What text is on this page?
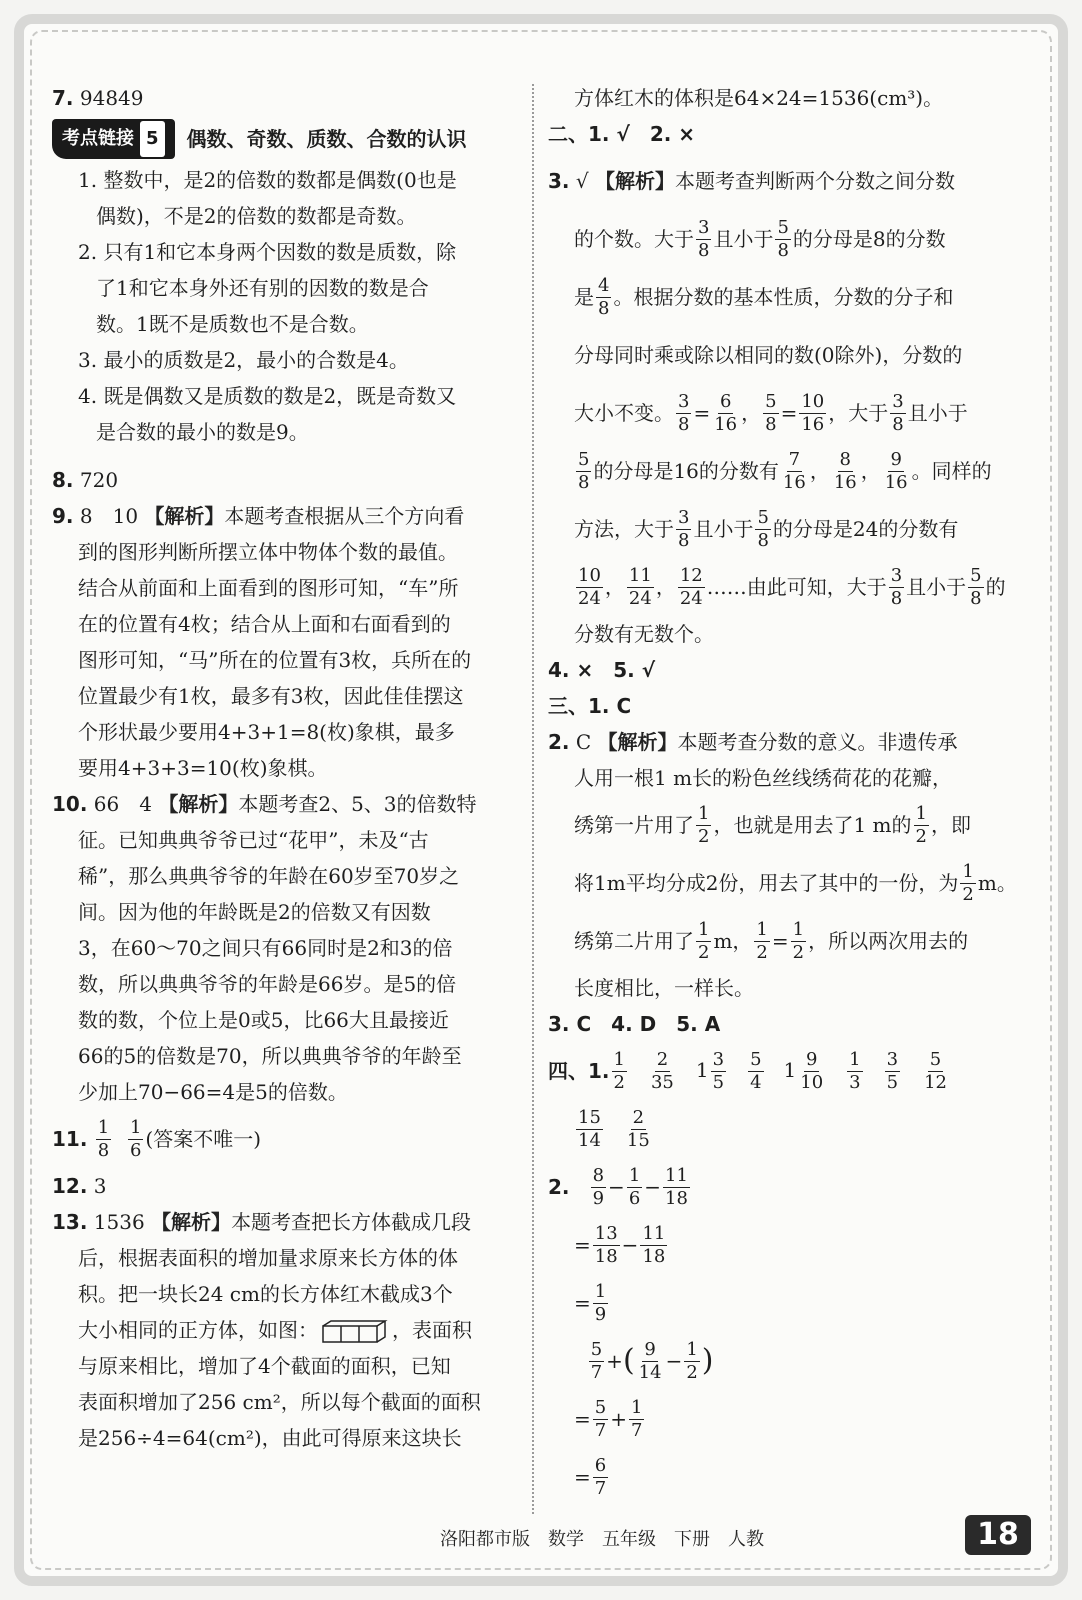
7. 94849
考点链接 5	偶数、奇数、质数、合数的认识
1. 整数中，是2的倍数的数都是偶数(0也是
偶数)，不是2的倍数的数都是奇数。
2. 只有1和它本身两个因数的数是质数，除
了1和它本身外还有别的因数的数是合
数。1既不是质数也不是合数。
3. 最小的质数是2，最小的合数是4。
4. 既是偶数又是质数的数是2，既是奇数又
是合数的最小的数是9。
8. 720
9. 8　10 【解析】本题考查根据从三个方向看
到的图形判断所摆立体中物体个数的最值。
结合从前面和上面看到的图形可知，“车”所
在的位置有4枚；结合从上面和右面看到的
图形可知，“马”所在的位置有3枚，兵所在的
位置最少有1枚，最多有3枚，因此佳佳摆这
个形状最少要用4+3+1=8(枚)象棋，最多
要用4+3+3=10(枚)象棋。
10. 66　4 【解析】本题考查2、5、3的倍数特
征。已知典典爷爷已过“花甲”，未及“古
稀”，那么典典爷爷的年龄在60岁至70岁之
间。因为他的年龄既是2的倍数又有因数
3，在60～70之间只有66同时是2和3的倍
数，所以典典爷爷的年龄是66岁。是5的倍
数的数，个位上是0或5，比66大且最接近
66的5的倍数是70，所以典典爷爷的年龄至
少加上70−66=4是5的倍数。
11.
$\frac{1}{8}$
$\frac{1}{6}$ (答案不唯一)
12. 3
13. 1536 【解析】本题考查把长方体截成几段
后，根据表面积的增加量求原来长方体的体
积。把一块长24 cm的长方体红木截成3个
大小相同的正方体，如图：	，表面积
与原来相比，增加了4个截面的面积，已知
表面积增加了256 cm²，所以每个截面的面积
是256÷4=64(cm²)，由此可得原来这块长
方体红木的体积是64×24=1536(cm³)。
二、1. √　2. ×
3.
√
【解析】 本题考查判断两个分数之间分数
的个数。大于 $\frac{3}{8}$ 且小于 $\frac{5}{8}$ 的分母是8的分数
是 $\frac{4}{8}$ 。根据分数的基本性质，分数的分子和
分母同时乘或除以相同的数(0除外)，分数的
大小不变。 $\frac{3}{8} = \frac{6}{16}$ ， $\frac{5}{8} = \frac{10}{16}$ ，大于 $\frac{3}{8}$ 且小于
$\frac{5}{8}$ 的分母是16的分数有 $\frac{7}{16}$ ， $\frac{8}{16}$ ， $\frac{9}{16}$ 。同样的
方法，大于 $\frac{3}{8}$ 且小于 $\frac{5}{8}$ 的分母是24的分数有
$\frac{10}{24}$ ， $\frac{11}{24}$ ， $\frac{12}{24}$ ……由此可知，大于 $\frac{3}{8}$ 且小于 $\frac{5}{8}$ 的
分数有无数个。
4. ×　5. √
三、1. C
2. C 【解析】本题考查分数的意义。非遗传承
人用一根1 m长的粉色丝线绣荷花的花瓣，
绣第一片用了 $\frac{1}{2}$ ，也就是用去了1 m的 $\frac{1}{2}$ ，即
将1m平均分成2份，用去了其中的一份，为 $\frac{1}{2}$ m。
绣第二片用了 $\frac{1}{2}$ m， $\frac{1}{2} = \frac{1}{2}$ ，所以两次用去的
长度相比，一样长。
3. C　4. D　5. A
四、1. $\frac{1}{2} \frac{2}{35} 1 \frac{3}{5} \frac{5}{4} 1 \frac{9}{10} \frac{1}{3} \frac{3}{5} \frac{5}{12}$
$\frac{15}{14} \frac{2}{15}$
2.
$\frac{8}{9} - \frac{1}{6} - \frac{11}{18}$
= $\frac{13}{18} - \frac{11}{18}$
= $\frac{1}{9}$

$\frac{5}{7}$ + ( $\frac{9}{14} - \frac{1}{2}$ )
= $\frac{5}{7} + \frac{1}{7}$
= $\frac{6}{7}$
洛阳都市版　数学　五年级　下册　人教	18
